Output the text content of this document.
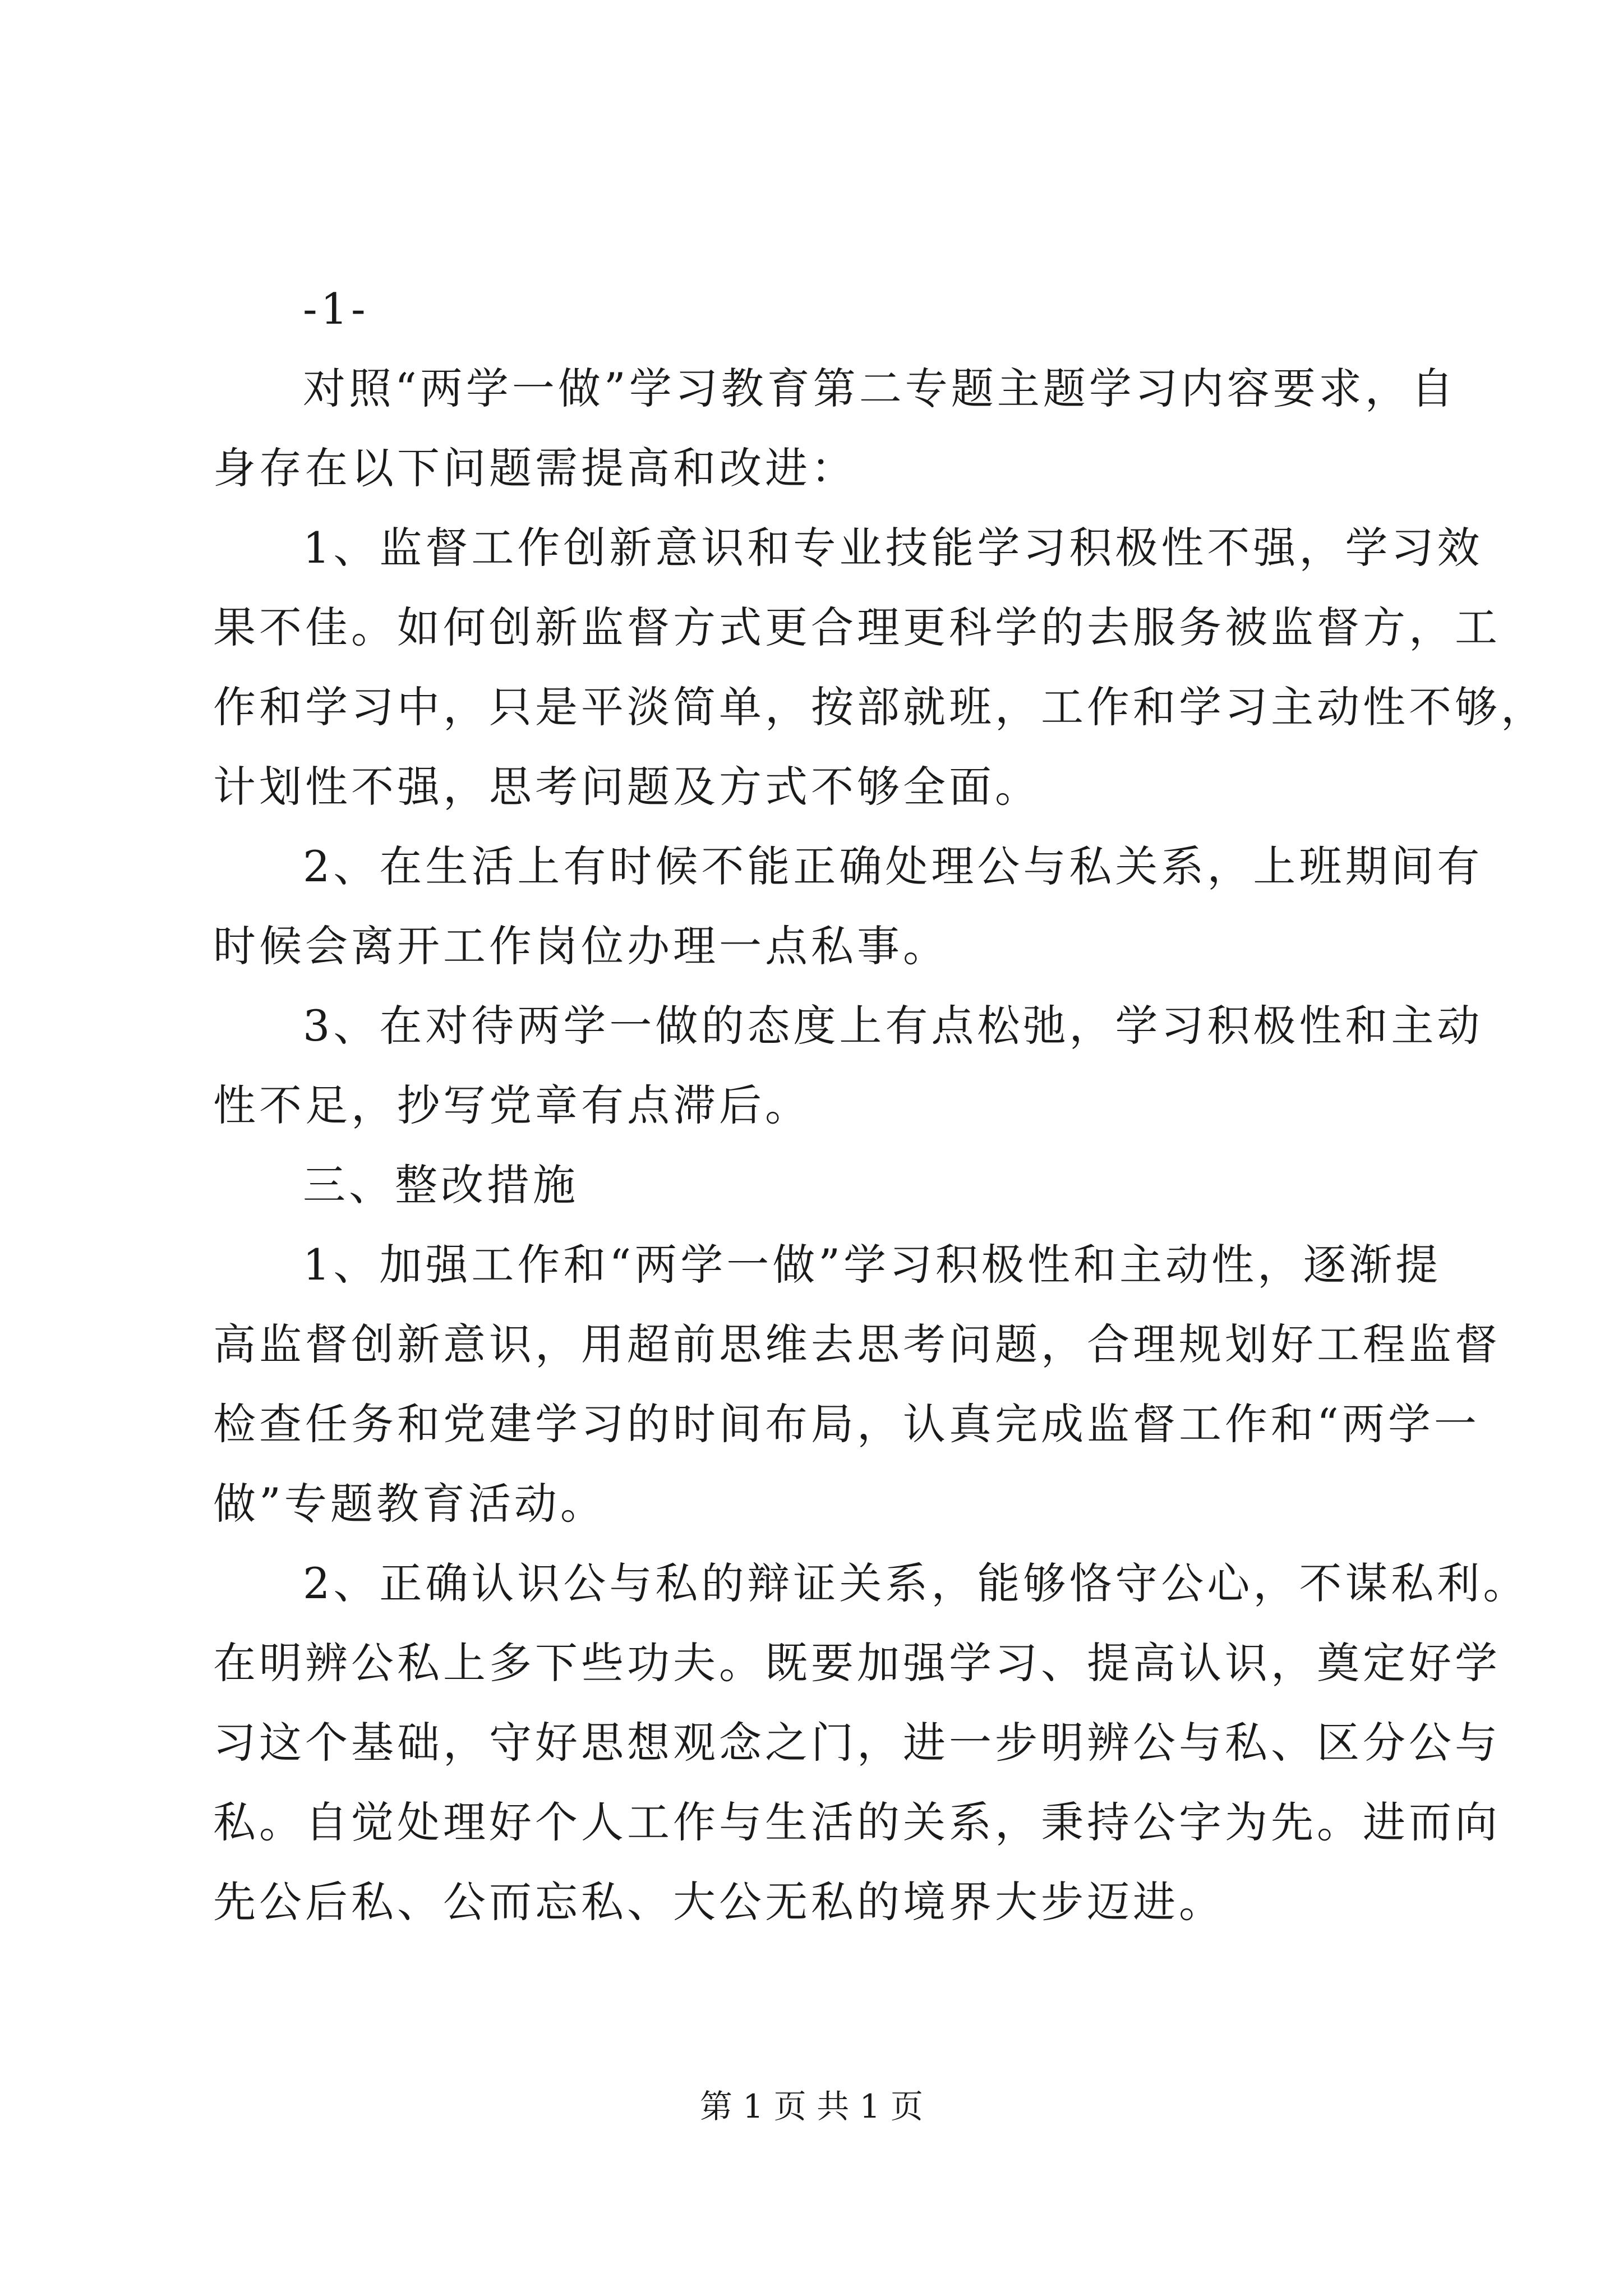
-1-

对照“两学一做”学习教育第二专题主题学习内容要求，自

身存在以下问题需提高和改进：

1、监督工作创新意识和专业技能学习积极性不强，学习效

果不佳。如何创新监督方式更合理更科学的去服务被监督方，工

作和学习中，只是平淡简单，按部就班，工作和学习主动性不够，

计划性不强，思考问题及方式不够全面。

2、在生活上有时候不能正确处理公与私关系，上班期间有

时候会离开工作岗位办理一点私事。

3、在对待两学一做的态度上有点松弛，学习积极性和主动

性不足，抄写党章有点滞后。

三、整改措施

1、加强工作和“两学一做”学习积极性和主动性，逐渐提

高监督创新意识，用超前思维去思考问题，合理规划好工程监督

检查任务和党建学习的时间布局，认真完成监督工作和“两学一

做”专题教育活动。

2、正确认识公与私的辩证关系，能够恪守公心，不谋私利。

在明辨公私上多下些功夫。既要加强学习、提高认识，奠定好学

习这个基础，守好思想观念之门，进一步明辨公与私、区分公与

私。自觉处理好个人工作与生活的关系，秉持公字为先。进而向

先公后私、公而忘私、大公无私的境界大步迈进。

第 1 页 共 1 页
